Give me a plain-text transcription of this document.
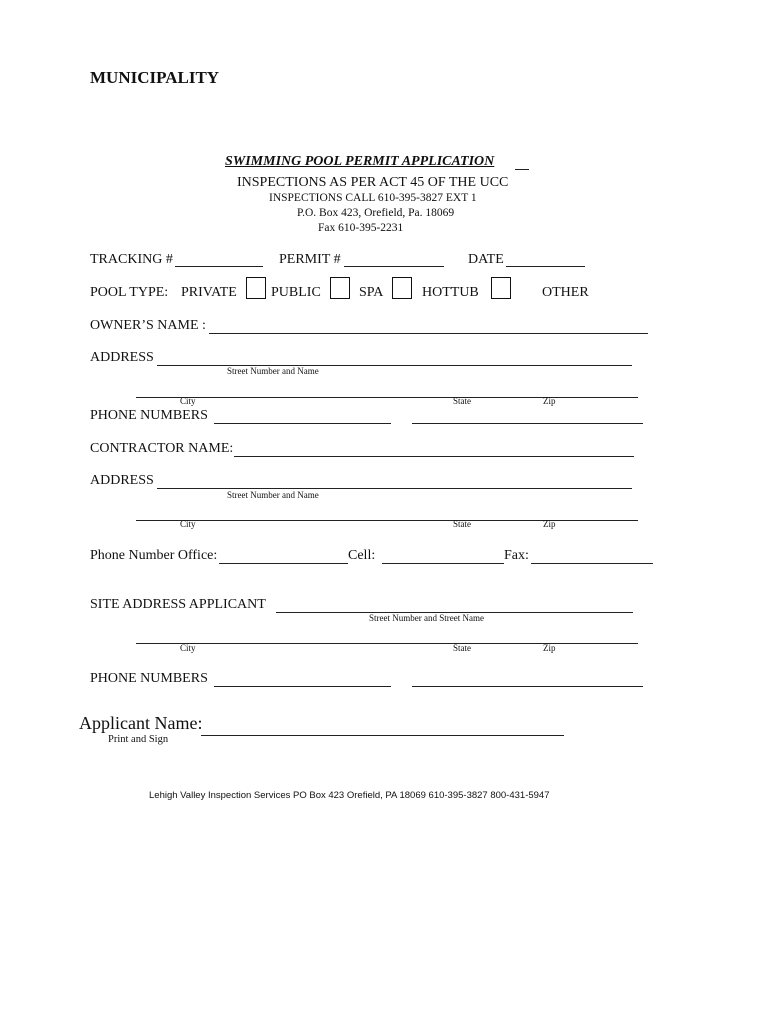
MUNICIPALITY
SWIMMING POOL PERMIT APPLICATION
INSPECTIONS AS PER ACT 45 OF THE UCC
INSPECTIONS CALL 610-395-3827 EXT 1
P.O. Box 423, Orefield, Pa. 18069
Fax 610-395-2231
TRACKING #	PERMIT #	DATE
POOL TYPE: PRIVATE PUBLIC	SPA	HOTTUB	OTHER
OWNER’S NAME :
ADDRESS
Street Number and Name
City	State	Zip
PHONE NUMBERS
CONTRACTOR NAME:
ADDRESS
Street Number and Name
City	State	Zip
Phone Number Office:	Cell:	Fax:
SITE ADDRESS APPLICANT
Street Number and Street Name
City	State	Zip
PHONE NUMBERS
Applicant Name:
Print and Sign
Lehigh Valley Inspection Services PO Box 423 Orefield, PA 18069 610-395-3827 800-431-5947
